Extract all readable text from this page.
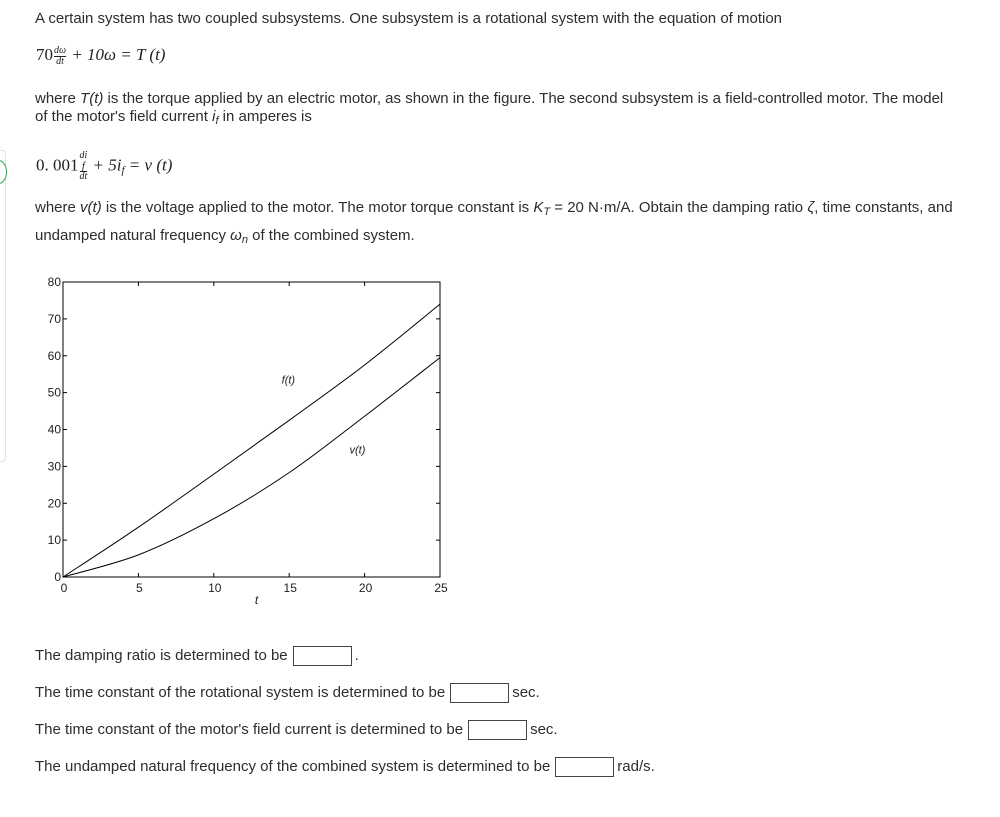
A certain system has two coupled subsystems. One subsystem is a rotational system with the equation of motion
$70 \frac{d\omega}{dt} + 10\omega = T$ (t)
where T(t) is the torque applied by an electric motor, as shown in the figure. The second subsystem is a field-controlled motor. The model of the motor's field current $i_f$ in amperes is
0. 001 di
f
dt + $5i_f = v$ (t)
where v(t) is the voltage applied to the motor. The motor torque constant is $K_T = 20$ N·m/A. Obtain the damping ratio ζ, time constants, and undamped natural frequency $\omega_n$ of the combined system.
0	5	10	15	20	25
0
10
20
30
40
50
60
70
80
t
f(t)
v(t)
The damping ratio is determined to be	.
The time constant of the rotational system is determined to be	sec.
The time constant of the motor's field current is determined to be	sec.
The undamped natural frequency of the combined system is determined to be	rad/s.
